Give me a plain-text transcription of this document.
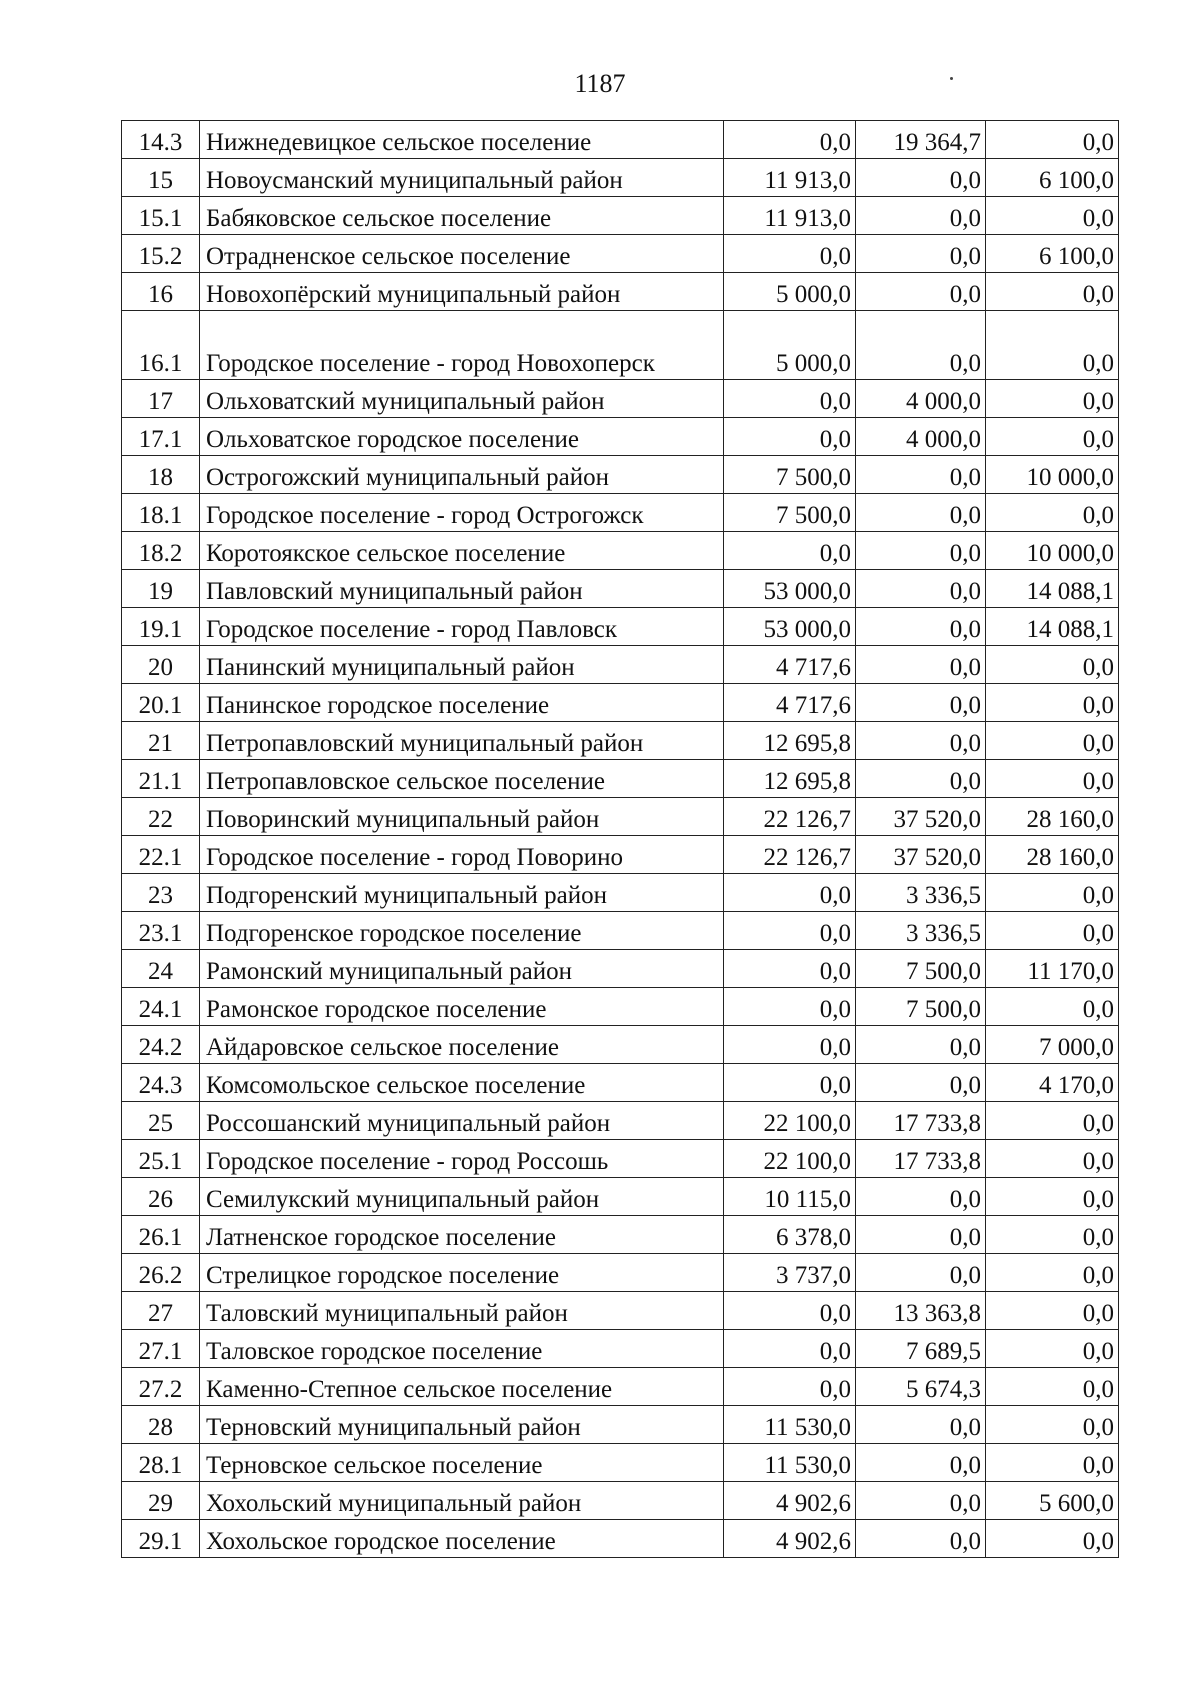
1187
14.3	Нижнедевицкое сельское поселение	0,0	19 364,7	0,0
15	Новоусманский муниципальный район	11 913,0	0,0	6 100,0
15.1	Бабяковское сельское поселение	11 913,0	0,0	0,0
15.2	Отрадненское сельское поселение	0,0	0,0	6 100,0
16	Новохопёрский муниципальный район	5 000,0	0,0	0,0
16.1	Городское поселение - город Новохоперск	5 000,0	0,0	0,0
17	Ольховатский муниципальный район	0,0	4 000,0	0,0
17.1	Ольховатское городское поселение	0,0	4 000,0	0,0
18	Острогожский муниципальный район	7 500,0	0,0	10 000,0
18.1	Городское поселение - город Острогожск	7 500,0	0,0	0,0
18.2	Коротоякское сельское поселение	0,0	0,0	10 000,0
19	Павловский муниципальный район	53 000,0	0,0	14 088,1
19.1	Городское поселение - город Павловск	53 000,0	0,0	14 088,1
20	Панинский муниципальный район	4 717,6	0,0	0,0
20.1	Панинское городское поселение	4 717,6	0,0	0,0
21	Петропавловский муниципальный район	12 695,8	0,0	0,0
21.1	Петропавловское сельское поселение	12 695,8	0,0	0,0
22	Поворинский муниципальный район	22 126,7	37 520,0	28 160,0
22.1	Городское поселение - город Поворино	22 126,7	37 520,0	28 160,0
23	Подгоренский муниципальный район	0,0	3 336,5	0,0
23.1	Подгоренское городское поселение	0,0	3 336,5	0,0
24	Рамонский муниципальный район	0,0	7 500,0	11 170,0
24.1	Рамонское городское поселение	0,0	7 500,0	0,0
24.2	Айдаровское сельское поселение	0,0	0,0	7 000,0
24.3	Комсомольское сельское поселение	0,0	0,0	4 170,0
25	Россошанский муниципальный район	22 100,0	17 733,8	0,0
25.1	Городское поселение - город Россошь	22 100,0	17 733,8	0,0
26	Семилукский муниципальный район	10 115,0	0,0	0,0
26.1	Латненское городское поселение	6 378,0	0,0	0,0
26.2	Стрелицкое городское поселение	3 737,0	0,0	0,0
27	Таловский муниципальный район	0,0	13 363,8	0,0
27.1	Таловское городское поселение	0,0	7 689,5	0,0
27.2	Каменно-Степное сельское поселение	0,0	5 674,3	0,0
28	Терновский муниципальный район	11 530,0	0,0	0,0
28.1	Терновское сельское поселение	11 530,0	0,0	0,0
29	Хохольский муниципальный район	4 902,6	0,0	5 600,0
29.1	Хохольское городское поселение	4 902,6	0,0	0,0
